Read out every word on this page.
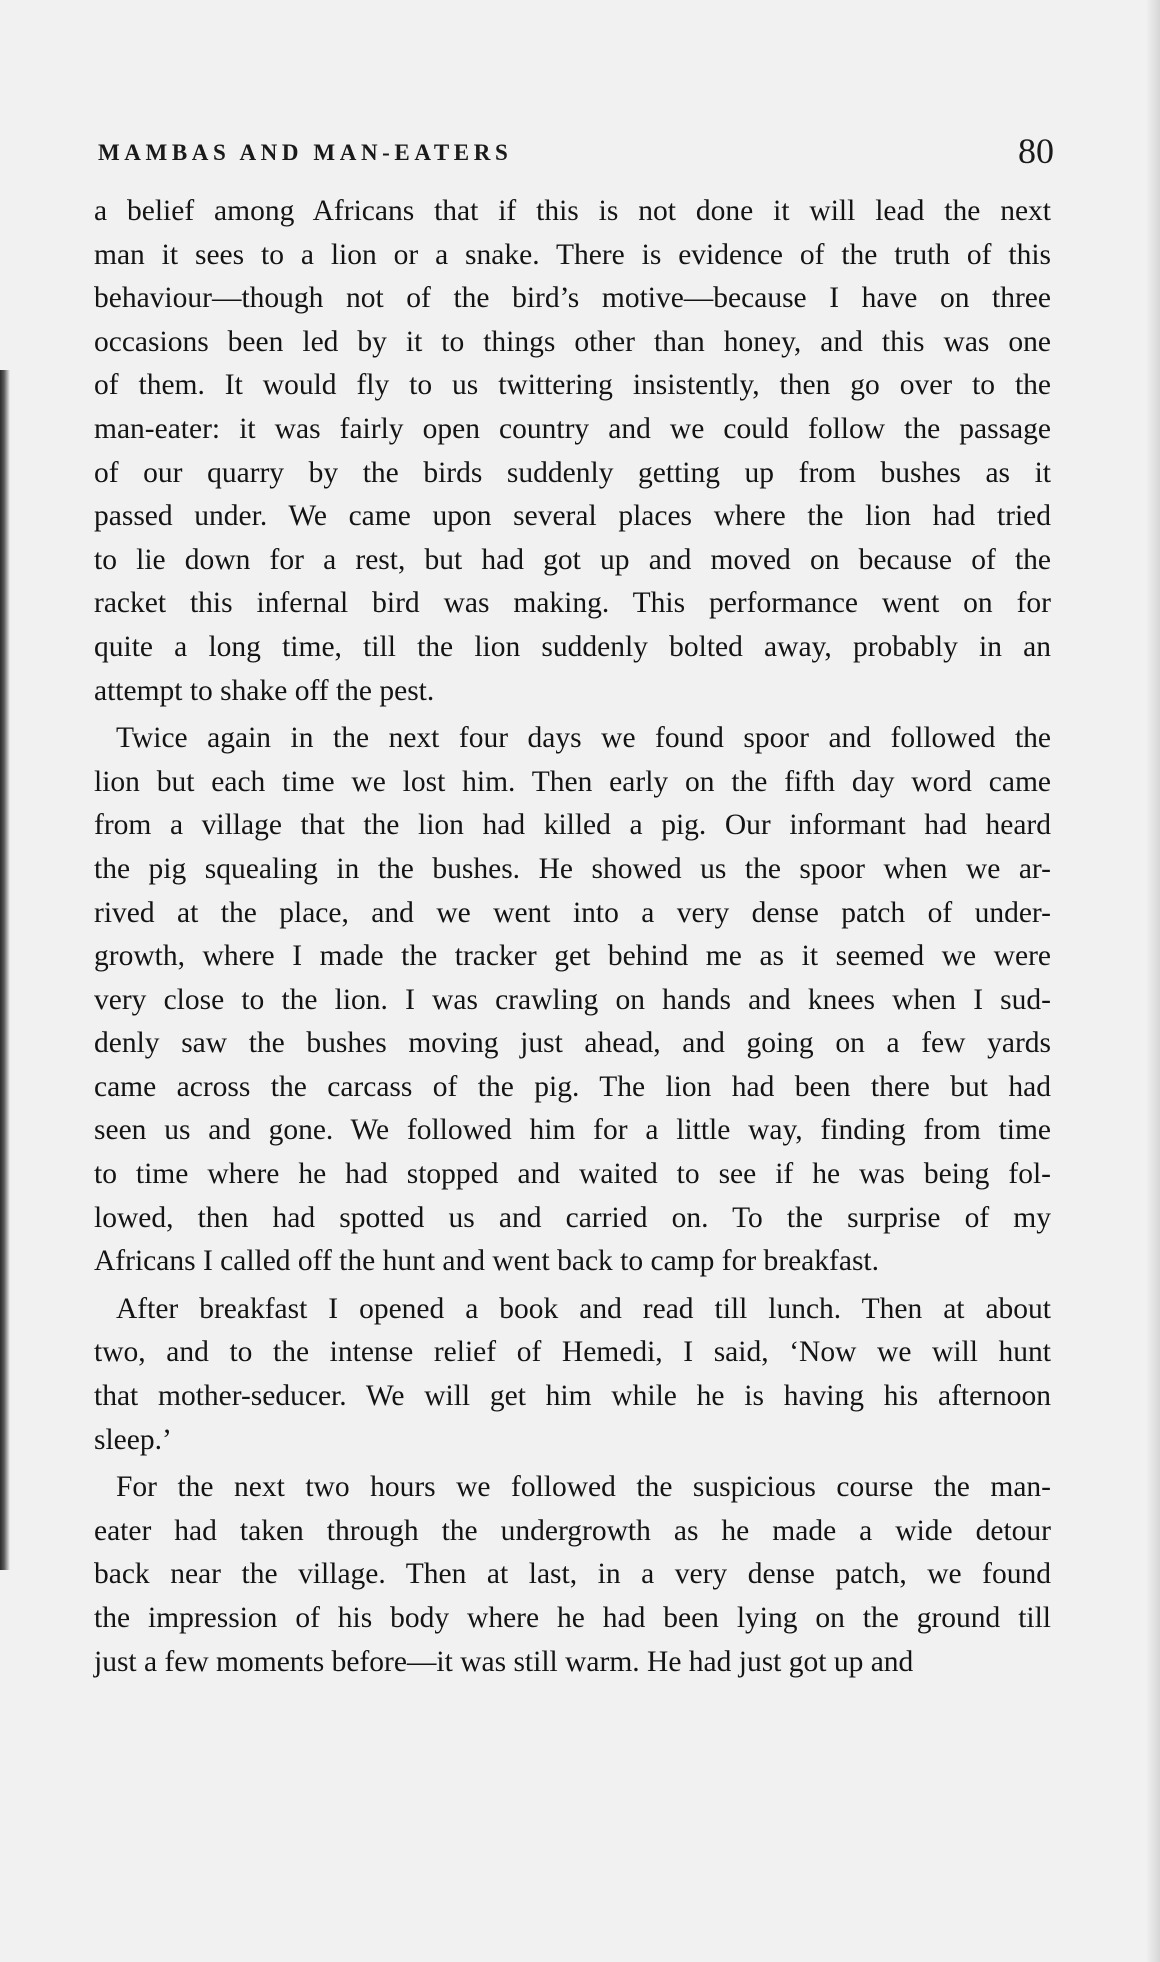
MAMBAS AND MAN-EATERS	80
a belief among Africans that if this is not done it will lead the next
man it sees to a lion or a snake. There is evidence of the truth of this
behaviour—though not of the bird’s motive—because I have on three
occasions been led by it to things other than honey, and this was one
of them. It would fly to us twittering insistently, then go over to the
man-eater: it was fairly open country and we could follow the passage
of our quarry by the birds suddenly getting up from bushes as it
passed under. We came upon several places where the lion had tried
to lie down for a rest, but had got up and moved on because of the
racket this infernal bird was making. This performance went on for
quite a long time, till the lion suddenly bolted away, probably in an
attempt to shake off the pest.
Twice again in the next four days we found spoor and followed the
lion but each time we lost him. Then early on the fifth day word came
from a village that the lion had killed a pig. Our informant had heard
the pig squealing in the bushes. He showed us the spoor when we ar-
rived at the place, and we went into a very dense patch of under-
growth, where I made the tracker get behind me as it seemed we were
very close to the lion. I was crawling on hands and knees when I sud-
denly saw the bushes moving just ahead, and going on a few yards
came across the carcass of the pig. The lion had been there but had
seen us and gone. We followed him for a little way, finding from time
to time where he had stopped and waited to see if he was being fol-
lowed, then had spotted us and carried on. To the surprise of my
Africans I called off the hunt and went back to camp for breakfast.
After breakfast I opened a book and read till lunch. Then at about
two, and to the intense relief of Hemedi, I said, ‘Now we will hunt
that mother-seducer. We will get him while he is having his afternoon
sleep.’
For the next two hours we followed the suspicious course the man-
eater had taken through the undergrowth as he made a wide detour
back near the village. Then at last, in a very dense patch, we found
the impression of his body where he had been lying on the ground till
just a few moments before—it was still warm. He had just got up and
